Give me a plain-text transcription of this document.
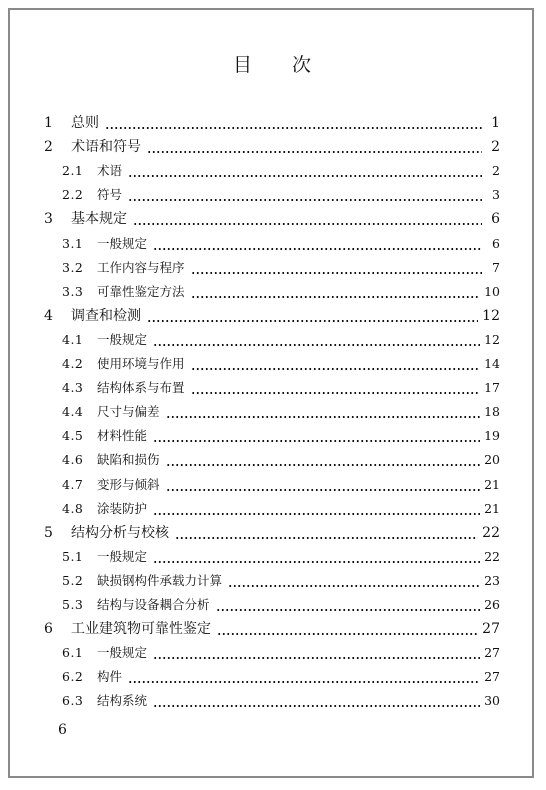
目 次
1	总则	1
2	术语和符号	2
2.1	术语	2
2.2	符号	3
3	基本规定	6
3.1	一般规定	6
3.2	工作内容与程序	7
3.3	可靠性鉴定方法	10
4	调查和检测	12
4.1	一般规定	12
4.2	使用环境与作用	14
4.3	结构体系与布置	17
4.4	尺寸与偏差	18
4.5	材料性能	19
4.6	缺陷和损伤	20
4.7	变形与倾斜	21
4.8	涂装防护	21
5	结构分析与校核	22
5.1	一般规定	22
5.2	缺损钢构件承载力计算	23
5.3	结构与设备耦合分析	26
6	工业建筑物可靠性鉴定	27
6.1	一般规定	27
6.2	构件	27
6.3	结构系统	30
6
